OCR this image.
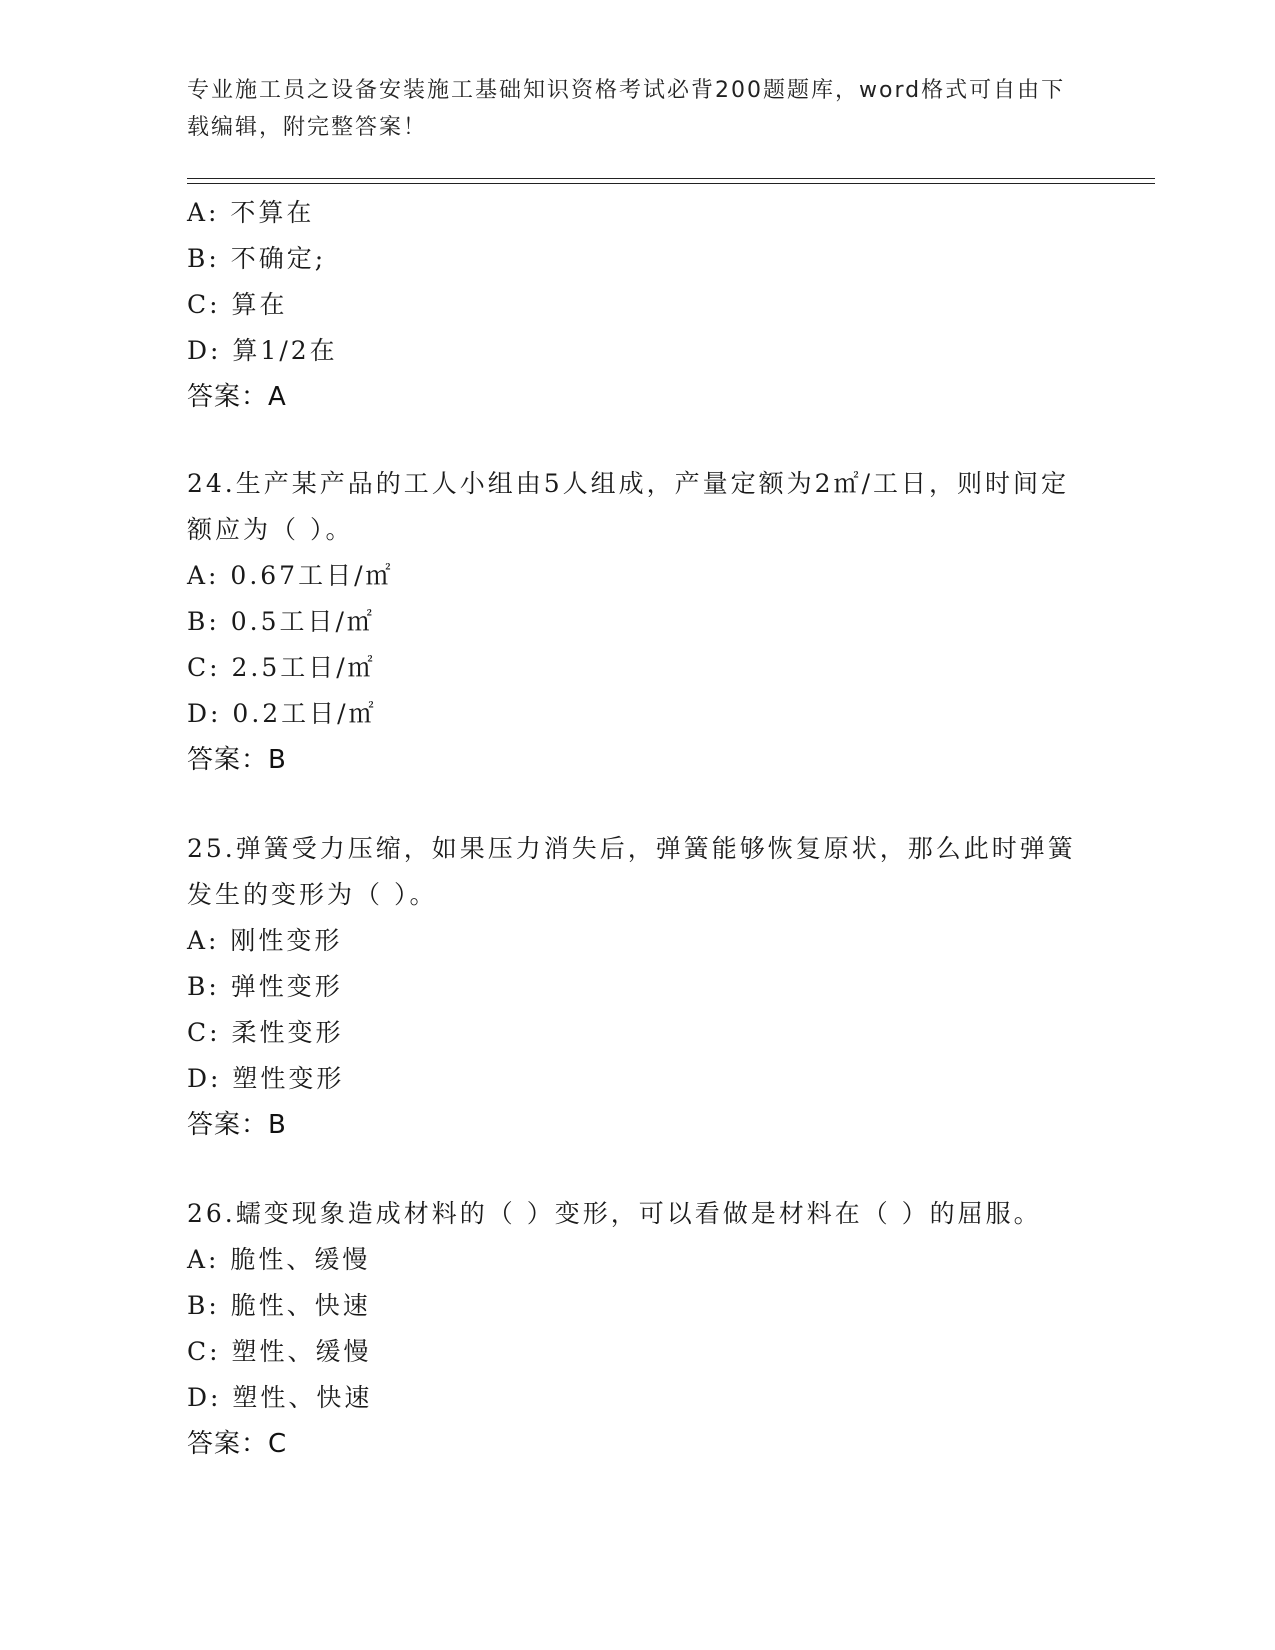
专业施工员之设备安装施工基础知识资格考试必背200题题库，word格式可自由下载编辑，附完整答案！
A: 不算在
B: 不确定;
C: 算在
D: 算1/2在
答案：A
24.生产某产品的工人小组由5人组成，产量定额为2㎡/工日，则时间定额应为（ ）。
A: 0.67工日/㎡
B: 0.5工日/㎡
C: 2.5工日/㎡
D: 0.2工日/㎡
答案：B
25.弹簧受力压缩，如果压力消失后，弹簧能够恢复原状，那么此时弹簧发生的变形为（ ）。
A: 刚性变形
B: 弹性变形
C: 柔性变形
D: 塑性变形
答案：B
26.蠕变现象造成材料的（ ）变形，可以看做是材料在（ ）的屈服。
A: 脆性、缓慢
B: 脆性、快速
C: 塑性、缓慢
D: 塑性、快速
答案：C
